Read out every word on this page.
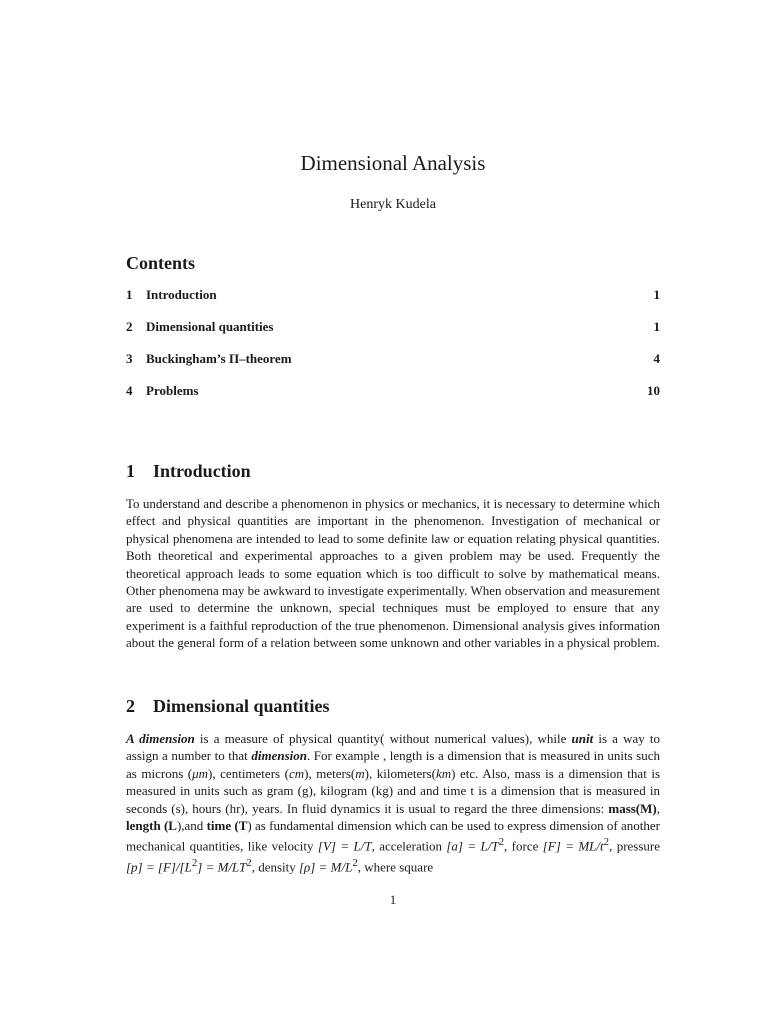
Dimensional Analysis
Henryk Kudela
Contents
1 Introduction	1
2 Dimensional quantities	1
3 Buckingham’s Π–theorem	4
4 Problems	10
1 Introduction
To understand and describe a phenomenon in physics or mechanics, it is necessary to determine which effect and physical quantities are important in the phenomenon. Investigation of mechanical or physical phenomena are intended to lead to some definite law or equation relating physical quantities. Both theoretical and experimental approaches to a given problem may be used. Frequently the theoretical approach leads to some equation which is too difficult to solve by mathematical means. Other phenomena may be awkward to investigate experimentally. When observation and measurement are used to determine the unknown, special techniques must be employed to ensure that any experiment is a faithful reproduction of the true phenomenon. Dimensional analysis gives information about the general form of a relation between some unknown and other variables in a physical problem.
2 Dimensional quantities
A dimension is a measure of physical quantity( without numerical values), while unit is a way to assign a number to that dimension. For example , length is a dimension that is measured in units such as microns (μm), centimeters (cm), meters(m), kilometers(km) etc. Also, mass is a dimension that is measured in units such as gram (g), kilogram (kg) and and time t is a dimension that is measured in seconds (s), hours (hr), years. In fluid dynamics it is usual to regard the three dimensions: mass(M), length (L),and time (T) as fundamental dimension which can be used to express dimension of another mechanical quantities, like velocity [V] = L/T, acceleration $[a] = L/T^2$, force $[F] = ML/t^2$, pressure $[p] = [F]/[L^2] = M/LT^2$, density $[\rho] = M/L^2$, where square
1
